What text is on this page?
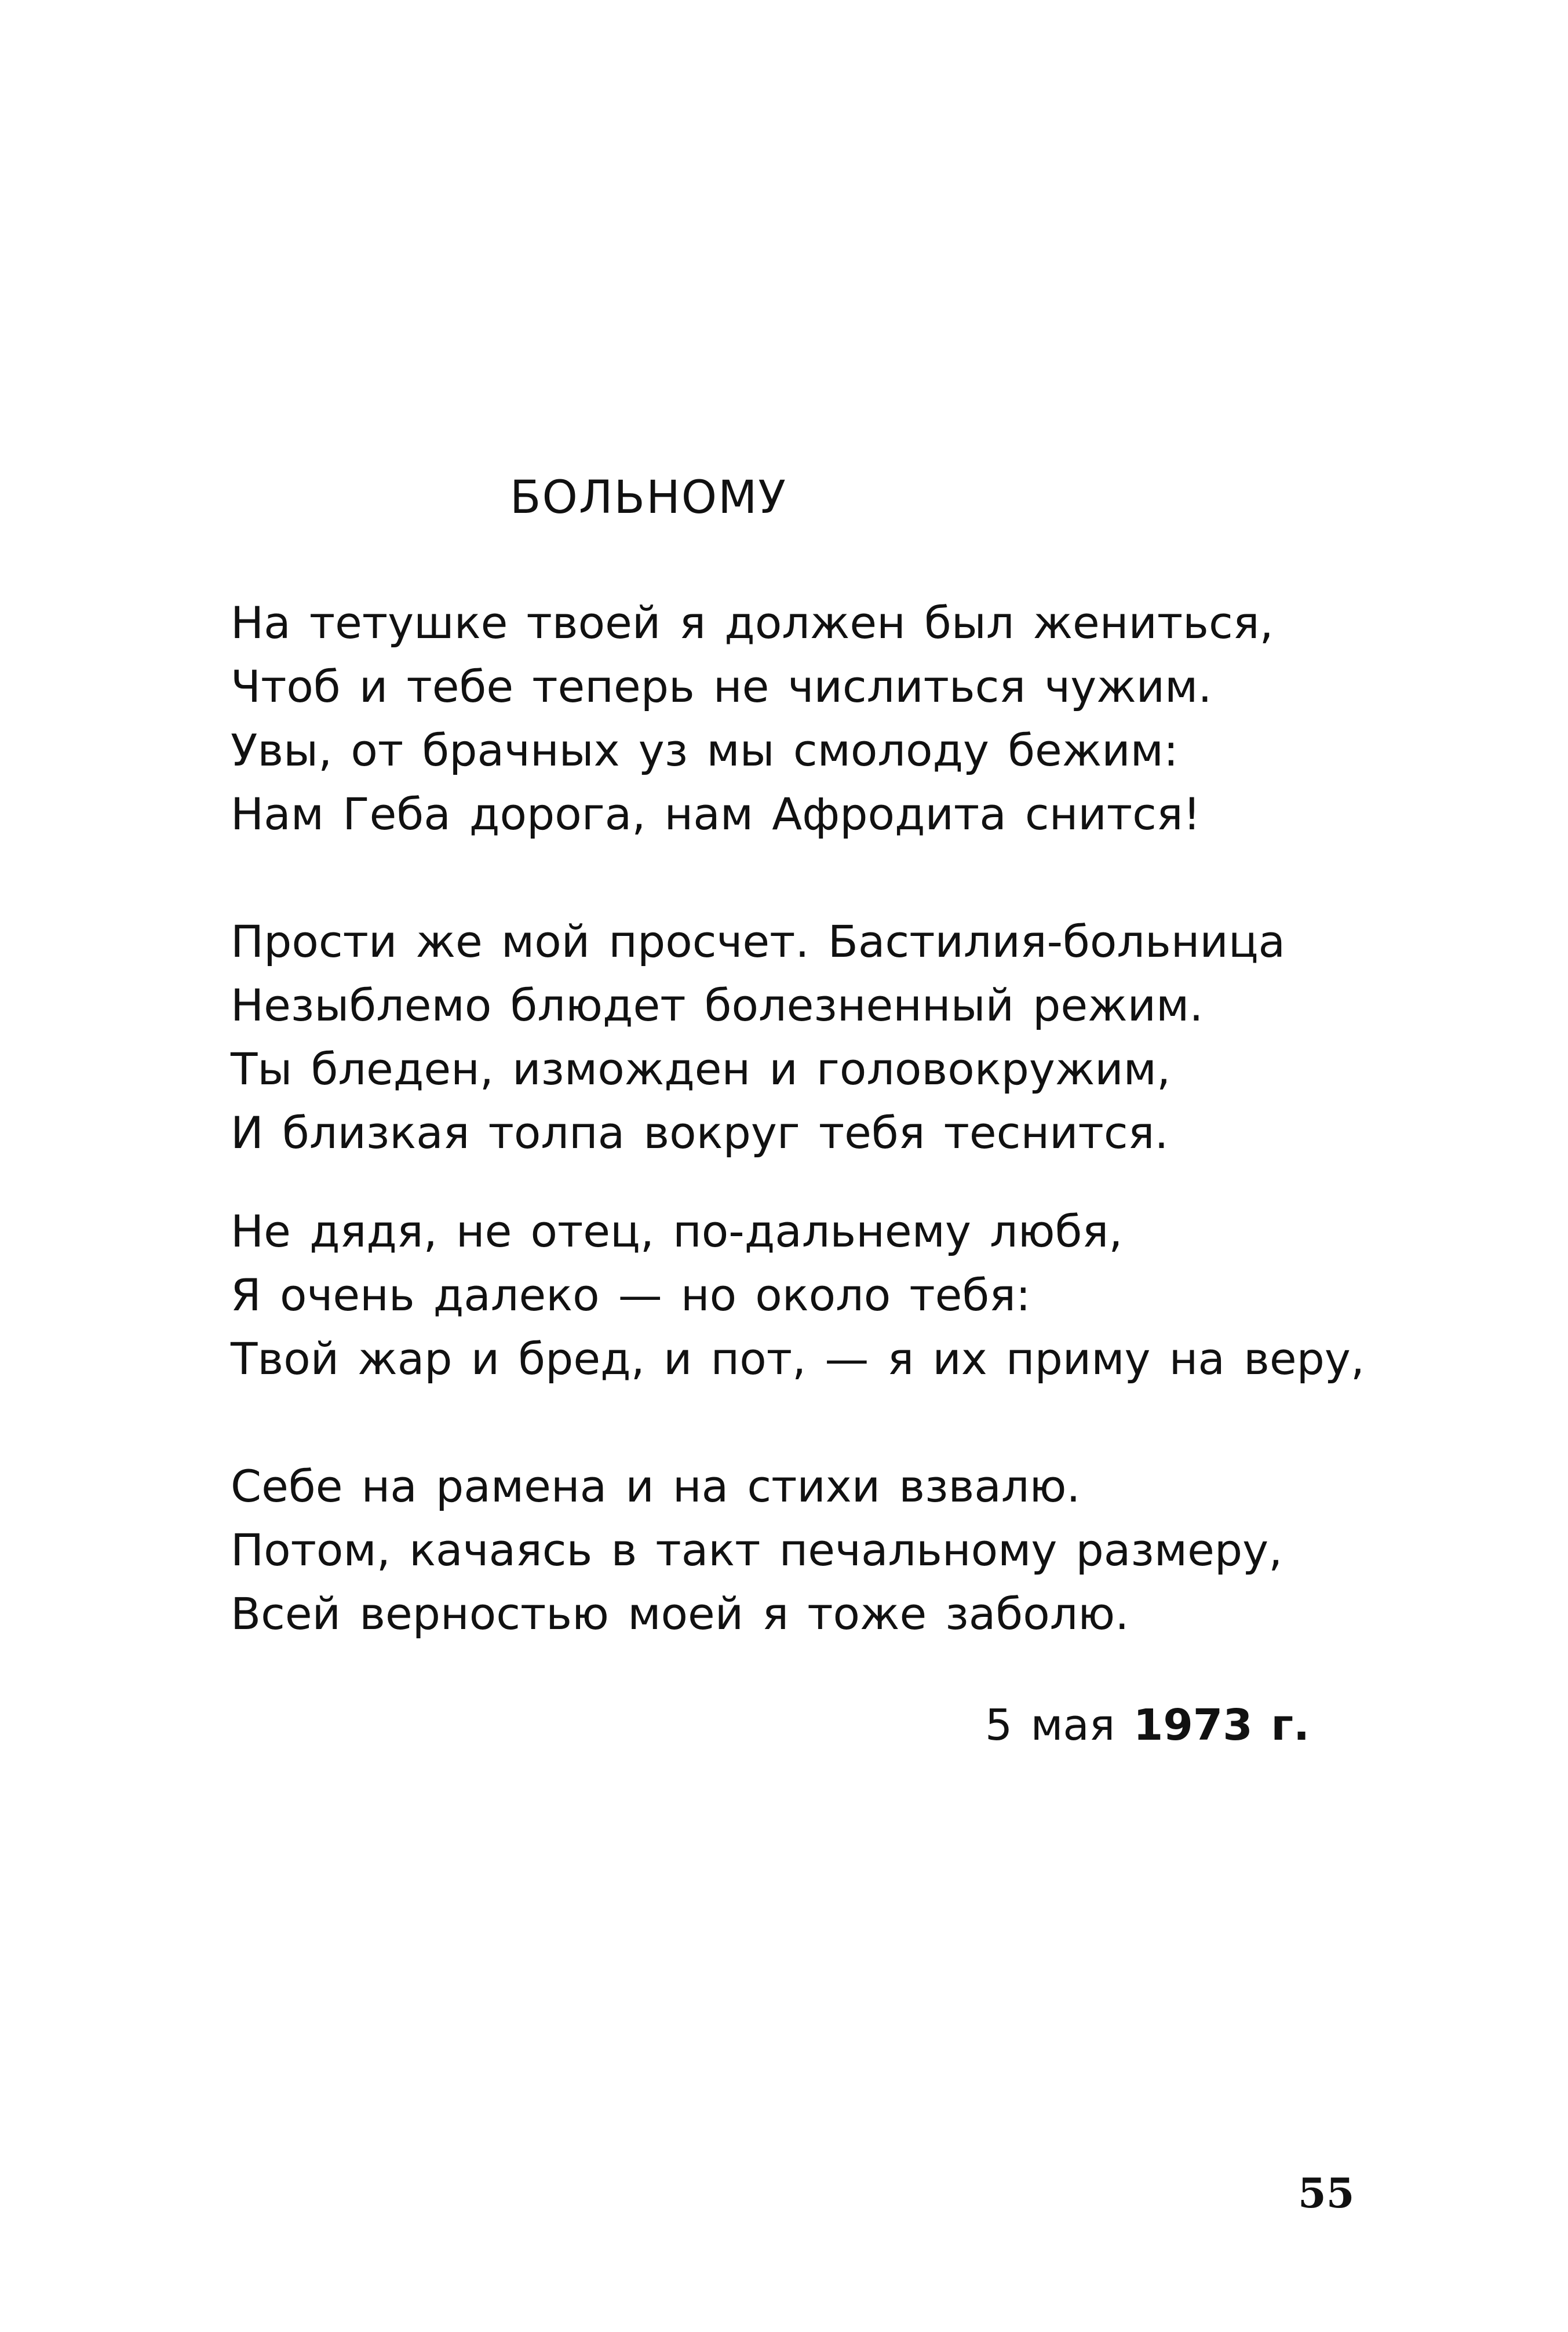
БОЛЬНОМУ
На тетушке твоей я должен был жениться,
Чтоб и тебе теперь не числиться чужим.
Увы, от брачных уз мы смолоду бежим:
Нам Геба дорога, нам Афродита снится!
Прости же мой просчет. Бастилия-больница
Незыблемо блюдет болезненный режим.
Ты бледен, изможден и головокружим,
И близкая толпа вокруг тебя теснится.
Не дядя, не отец, по-дальнему любя,
Я очень далеко — но около тебя:
Твой жар и бред, и пот, — я их приму на веру,
Себе на рамена и на стихи взвалю.
Потом, качаясь в такт печальному размеру,
Всей верностью моей я тоже заболю.
5 мая 1973 г.
55
